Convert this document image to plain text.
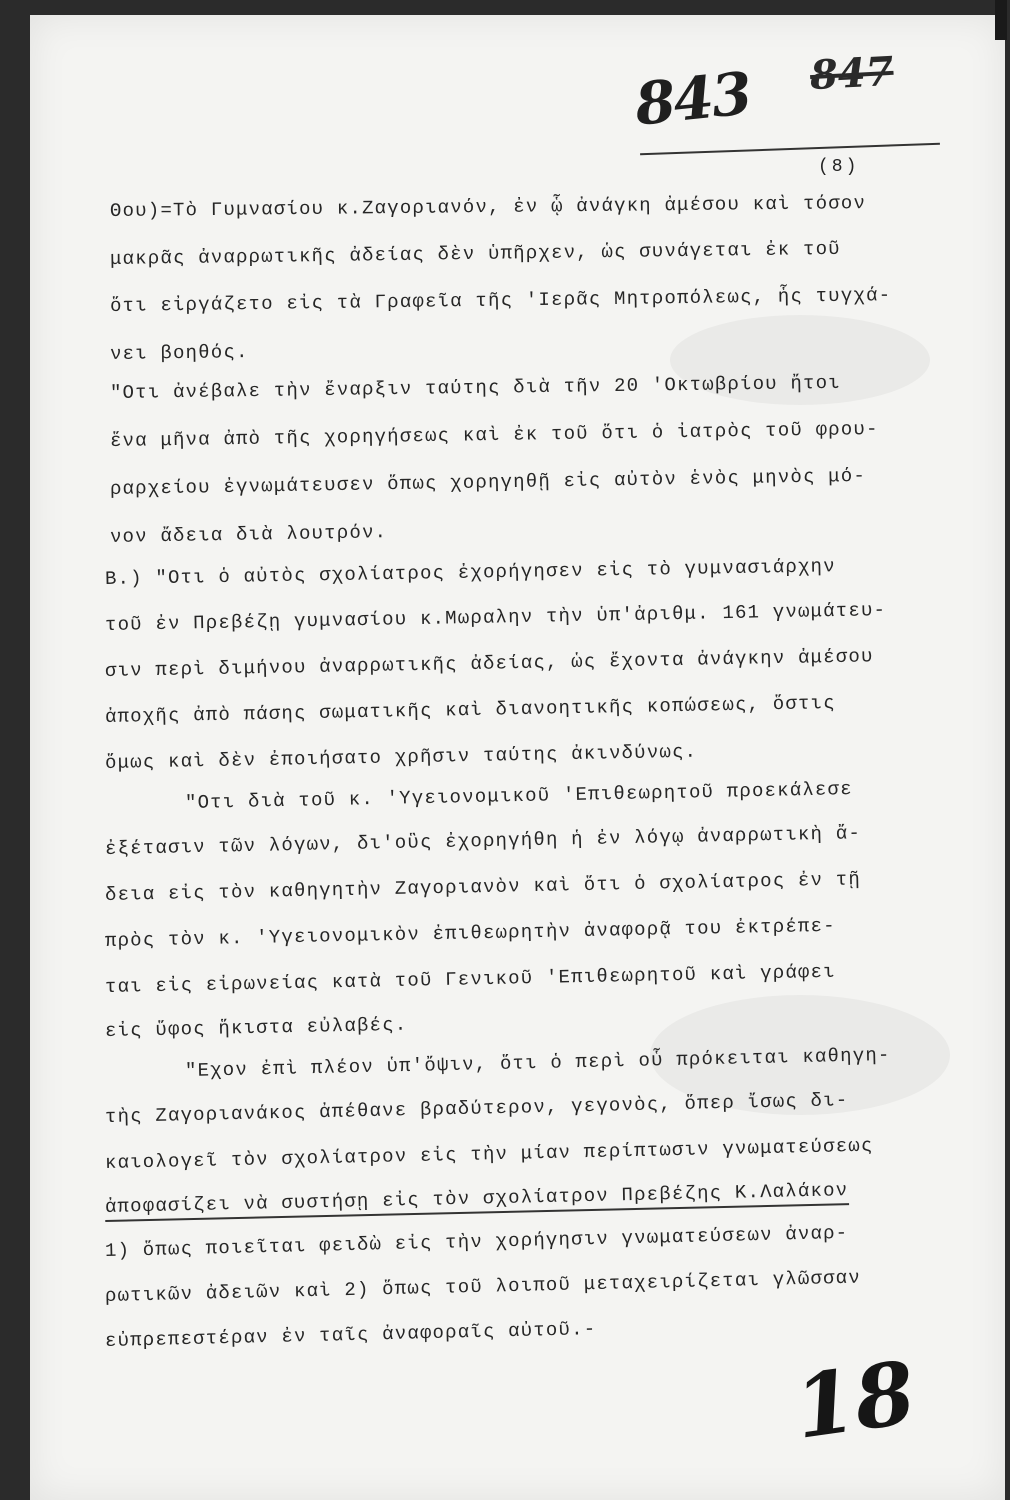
843 847
(8)
Θου)=Τὸ Γυμνασίου κ.Ζαγοριανόν, ἐν ᾧ ἀνάγκη ἀμέσου καὶ τόσον
μακρᾶς ἀναρρωτικῆς ἀδείας δὲν ὑπῆρχεν, ὡς συνάγεται ἐκ τοῦ
ὅτι εἰργάζετο εἰς τὰ Γραφεῖα τῆς 'Ιερᾶς Μητροπόλεως, ἧς τυγχά-
νει βοηθός.
"Οτι ἀνέβαλε τὴν ἔναρξιν ταύτης διὰ τῆν 20 'Οκτωβρίου ἤτοι
ἕνα μῆνα ἀπὸ τῆς χορηγήσεως καὶ ἐκ τοῦ ὅτι ὁ ἰατρὸς τοῦ φρου-
ραρχείου ἐγνωμάτευσεν ὅπως χορηγηθῇ εἰς αὐτὸν ἑνὸς μηνὸς μό-
νον ἄδεια διὰ λουτρόν.
Β.) "Οτι ὁ αὐτὸς σχολίατρος ἐχορήγησεν εἰς τὸ γυμνασιάρχην
τοῦ ἐν Πρεβέζῃ γυμνασίου κ.Μωραλην τὴν ὑπ'ἀριθμ. 161 γνωμάτευ-
σιν περὶ διμήνου ἀναρρωτικῆς ἀδείας, ὡς ἔχοντα ἀνάγκην ἀμέσου
ἀποχῆς ἀπὸ πάσης σωματικῆς καὶ διανοητικῆς κοπώσεως, ὅστις
ὅμως καὶ δὲν ἐποιήσατο χρῆσιν ταύτης ἀκινδύνως.
"Οτι διὰ τοῦ κ. 'Υγειονομικοῦ 'Επιθεωρητοῦ προεκάλεσε
ἐξέτασιν τῶν λόγων, δι'οὓς ἐχορηγήθη ἡ ἐν λόγῳ ἀναρρωτικὴ ἄ-
δεια εἰς τὸν καθηγητὴν Ζαγοριανὸν καὶ ὅτι ὁ σχολίατρος ἐν τῇ
πρὸς τὸν κ. 'Υγειονομικὸν ἐπιθεωρητὴν ἀναφορᾷ του ἐκτρέπε-
ται εἰς εἰρωνείας κατὰ τοῦ Γενικοῦ 'Επιθεωρητοῦ καὶ γράφει
εἰς ὕφος ἥκιστα εὐλαβές.
"Εχον ἐπὶ πλέον ὑπ'ὄψιν, ὅτι ὁ περὶ οὗ πρόκειται καθηγη-
τὴς Ζαγοριανάκος ἀπέθανε βραδύτερον, γεγονὸς, ὅπερ ἴσως δι-
καιολογεῖ τὸν σχολίατρον εἰς τὴν μίαν περίπτωσιν γνωματεύσεως
ἀποφασίζει νὰ συστήσῃ εἰς τὸν σχολίατρον Πρεβέζης Κ.Λαλάκον
1) ὅπως ποιεῖται φειδὼ εἰς τὴν χορήγησιν γνωματεύσεων ἀναρ-
ρωτικῶν ἀδειῶν καὶ 2) ὅπως τοῦ λοιποῦ μεταχειρίζεται γλῶσσαν
εὐπρεπεστέραν ἐν ταῖς ἀναφοραῖς αὐτοῦ.-
18
